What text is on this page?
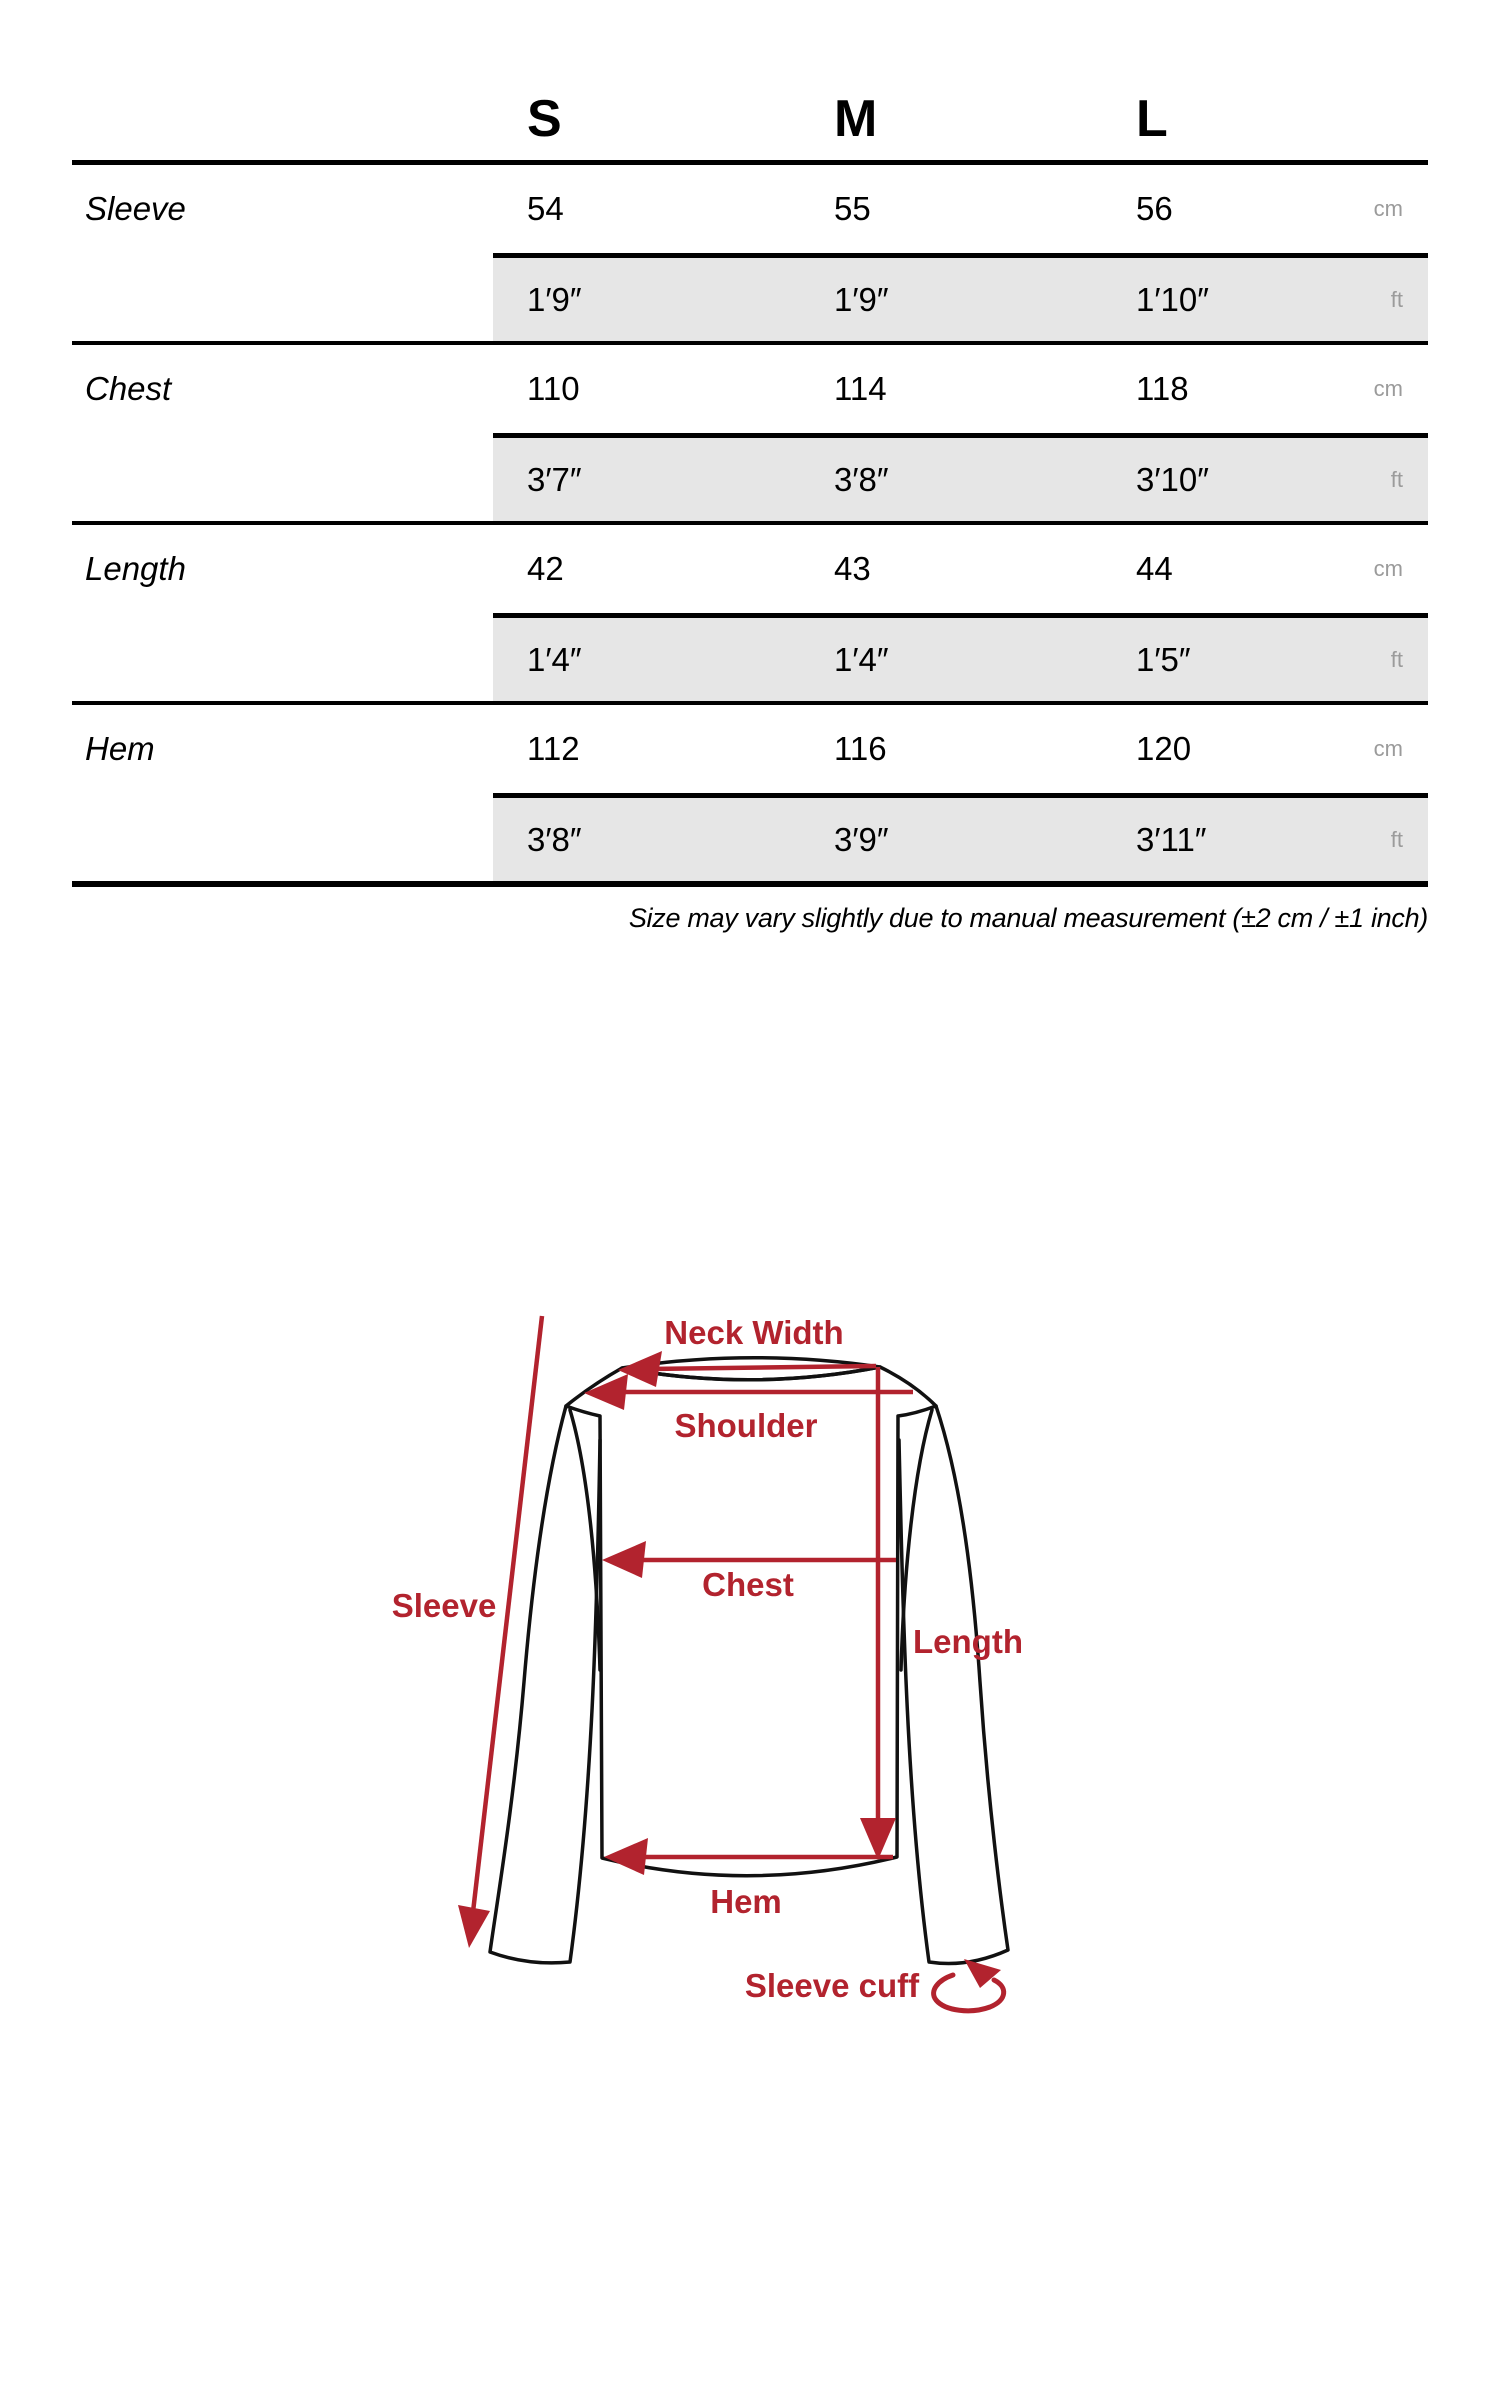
S	M	L
Sleeve	54	55	56	cm
1′9″	1′9″	1′10″	ft
Chest	110	114	118	cm
3′7″	3′8″	3′10″	ft
Length	42	43	44	cm
1′4″	1′4″	1′5″	ft
Hem	112	116	120	cm
3′8″	3′9″	3′11″	ft
Size may vary slightly due to manual measurement (±2 cm / ±1 inch)
Neck Width
Shoulder
Chest
Sleeve
Length
Hem
Sleeve cuff
